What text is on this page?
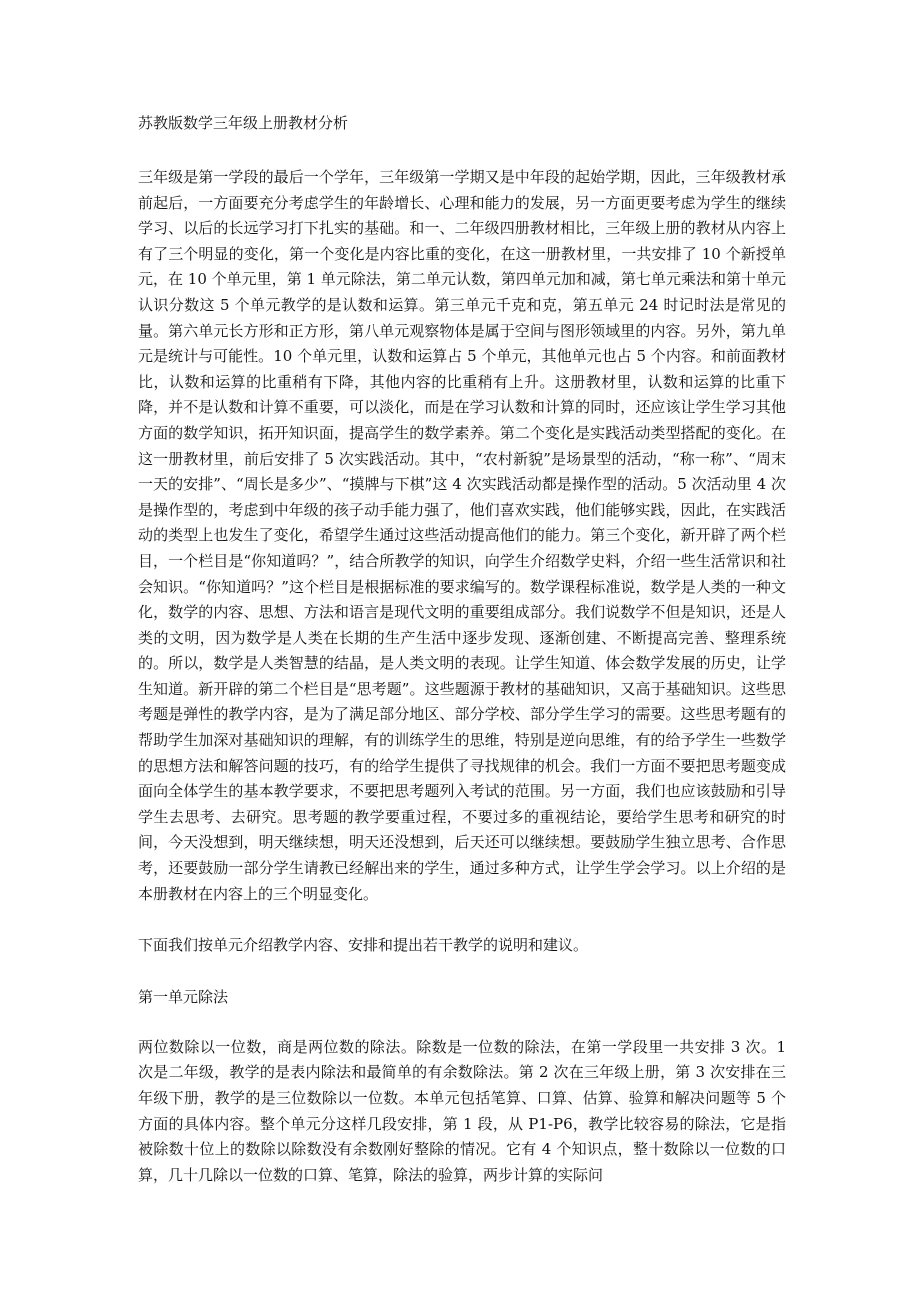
苏教版数学三年级上册教材分析

三年级是第一学段的最后一个学年，三年级第一学期又是中年段的起始学期，因此，三年级教材承前起后，一方面要充分考虑学生的年龄增长、心理和能力的发展，另一方面更要考虑为学生的继续学习、以后的长远学习打下扎实的基础。和一、二年级四册教材相比，三年级上册的教材从内容上有了三个明显的变化，第一个变化是内容比重的变化，在这一册教材里，一共安排了 10 个新授单元，在 10 个单元里，第 1 单元除法，第二单元认数，第四单元加和减，第七单元乘法和第十单元认识分数这 5 个单元教学的是认数和运算。第三单元千克和克，第五单元 24 时记时法是常见的量。第六单元长方形和正方形，第八单元观察物体是属于空间与图形领域里的内容。另外，第九单元是统计与可能性。10 个单元里，认数和运算占 5 个单元，其他单元也占 5 个内容。和前面教材比，认数和运算的比重稍有下降，其他内容的比重稍有上升。这册教材里，认数和运算的比重下降，并不是认数和计算不重要，可以淡化，而是在学习认数和计算的同时，还应该让学生学习其他方面的数学知识，拓开知识面，提高学生的数学素养。第二个变化是实践活动类型搭配的变化。在这一册教材里，前后安排了 5 次实践活动。其中，“农村新貌”是场景型的活动，“称一称”、“周末一天的安排”、“周长是多少”、“摸牌与下棋”这 4 次实践活动都是操作型的活动。5 次活动里 4 次是操作型的，考虑到中年级的孩子动手能力强了，他们喜欢实践，他们能够实践，因此，在实践活动的类型上也发生了变化，希望学生通过这些活动提高他们的能力。第三个变化，新开辟了两个栏目，一个栏目是“你知道吗？”，结合所教学的知识，向学生介绍数学史料，介绍一些生活常识和社会知识。“你知道吗？”这个栏目是根据标准的要求编写的。数学课程标准说，数学是人类的一种文化，数学的内容、思想、方法和语言是现代文明的重要组成部分。我们说数学不但是知识，还是人类的文明，因为数学是人类在长期的生产生活中逐步发现、逐渐创建、不断提高完善、整理系统的。所以，数学是人类智慧的结晶，是人类文明的表现。让学生知道、体会数学发展的历史，让学生知道。新开辟的第二个栏目是“思考题”。这些题源于教材的基础知识，又高于基础知识。这些思考题是弹性的教学内容，是为了满足部分地区、部分学校、部分学生学习的需要。这些思考题有的帮助学生加深对基础知识的理解，有的训练学生的思维，特别是逆向思维，有的给予学生一些数学的思想方法和解答问题的技巧，有的给学生提供了寻找规律的机会。我们一方面不要把思考题变成面向全体学生的基本教学要求，不要把思考题列入考试的范围。另一方面，我们也应该鼓励和引导学生去思考、去研究。思考题的教学要重过程，不要过多的重视结论，要给学生思考和研究的时间，今天没想到，明天继续想，明天还没想到，后天还可以继续想。要鼓励学生独立思考、合作思考，还要鼓励一部分学生请教已经解出来的学生，通过多种方式，让学生学会学习。以上介绍的是本册教材在内容上的三个明显变化。

下面我们按单元介绍教学内容、安排和提出若干教学的说明和建议。

第一单元除法

两位数除以一位数，商是两位数的除法。除数是一位数的除法，在第一学段里一共安排 3 次。1 次是二年级，教学的是表内除法和最简单的有余数除法。第 2 次在三年级上册，第 3 次安排在三年级下册，教学的是三位数除以一位数。本单元包括笔算、口算、估算、验算和解决问题等 5 个方面的具体内容。整个单元分这样几段安排，第 1 段，从 P1-P6，教学比较容易的除法，它是指被除数十位上的数除以除数没有余数刚好整除的情况。它有 4 个知识点，整十数除以一位数的口算，几十几除以一位数的口算、笔算，除法的验算，两步计算的实际问
